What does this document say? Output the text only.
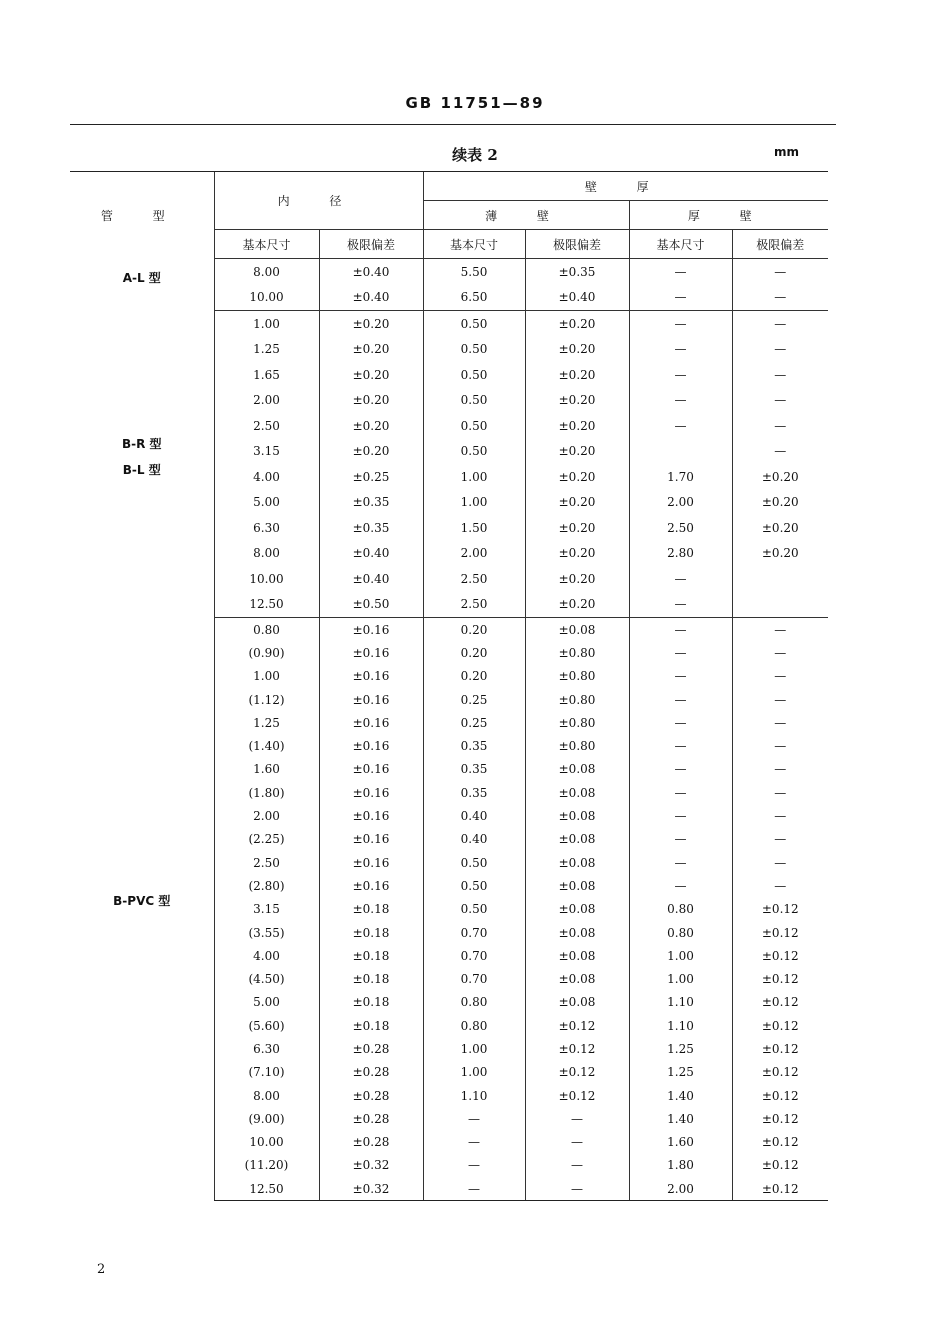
GB 11751—89
续表 2	mm
管 型	内 径		壁 厚			
			薄 壁		厚 壁	
	基本尺寸	极限偏差	基本尺寸	极限偏差	基本尺寸	极限偏差
A-L 型	8.00	±0.40	5.50	±0.35	—	—
	10.00	±0.40	6.50	±0.40	—	—
B-R 型
B-L 型	1.00	±0.20	0.50	±0.20	—	—
	1.25	±0.20	0.50	±0.20	—	—
	1.65	±0.20	0.50	±0.20	—	—
	2.00	±0.20	0.50	±0.20	—	—
	2.50	±0.20	0.50	±0.20	—	—
	3.15	±0.20	0.50	±0.20		—
	4.00	±0.25	1.00	±0.20	1.70	±0.20
	5.00	±0.35	1.00	±0.20	2.00	±0.20
	6.30	±0.35	1.50	±0.20	2.50	±0.20
	8.00	±0.40	2.00	±0.20	2.80	±0.20
	10.00	±0.40	2.50	±0.20	—	
	12.50	±0.50	2.50	±0.20	—	
B-PVC 型	0.80	±0.16	0.20	±0.08	—	—
	(0.90)	±0.16	0.20	±0.80	—	—
	1.00	±0.16	0.20	±0.80	—	—
	(1.12)	±0.16	0.25	±0.80	—	—
	1.25	±0.16	0.25	±0.80	—	—
	(1.40)	±0.16	0.35	±0.80	—	—
	1.60	±0.16	0.35	±0.08	—	—
	(1.80)	±0.16	0.35	±0.08	—	—
	2.00	±0.16	0.40	±0.08	—	—
	(2.25)	±0.16	0.40	±0.08	—	—
	2.50	±0.16	0.50	±0.08	—	—
	(2.80)	±0.16	0.50	±0.08	—	—
	3.15	±0.18	0.50	±0.08	0.80	±0.12
	(3.55)	±0.18	0.70	±0.08	0.80	±0.12
	4.00	±0.18	0.70	±0.08	1.00	±0.12
	(4.50)	±0.18	0.70	±0.08	1.00	±0.12
	5.00	±0.18	0.80	±0.08	1.10	±0.12
	(5.60)	±0.18	0.80	±0.12	1.10	±0.12
	6.30	±0.28	1.00	±0.12	1.25	±0.12
	(7.10)	±0.28	1.00	±0.12	1.25	±0.12
	8.00	±0.28	1.10	±0.12	1.40	±0.12
	(9.00)	±0.28	—	—	1.40	±0.12
	10.00	±0.28	—	—	1.60	±0.12
	(11.20)	±0.32	—	—	1.80	±0.12
	12.50	±0.32	—	—	2.00	±0.12
2
